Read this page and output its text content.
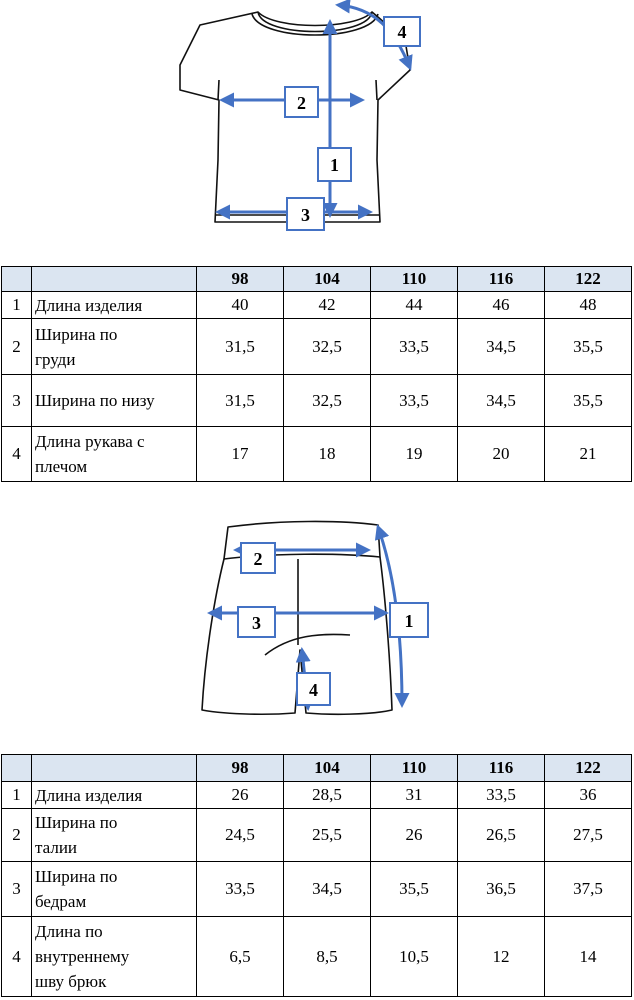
1
2
3
4
		98	104	110	116	122
1	Длина изделия	40	42	44	46	48
2	Ширина по
груди	31,5	32,5	33,5	34,5	35,5
3	Ширина по низу	31,5	32,5	33,5	34,5	35,5
4	Длина рукава с
плечом	17	18	19	20	21
1
2
3
4
		98	104	110	116	122
1	Длина изделия	26	28,5	31	33,5	36
2	Ширина по
талии	24,5	25,5	26	26,5	27,5
3	Ширина по
бедрам	33,5	34,5	35,5	36,5	37,5
4	Длина по
внутреннему
шву брюк	6,5	8,5	10,5	12	14
